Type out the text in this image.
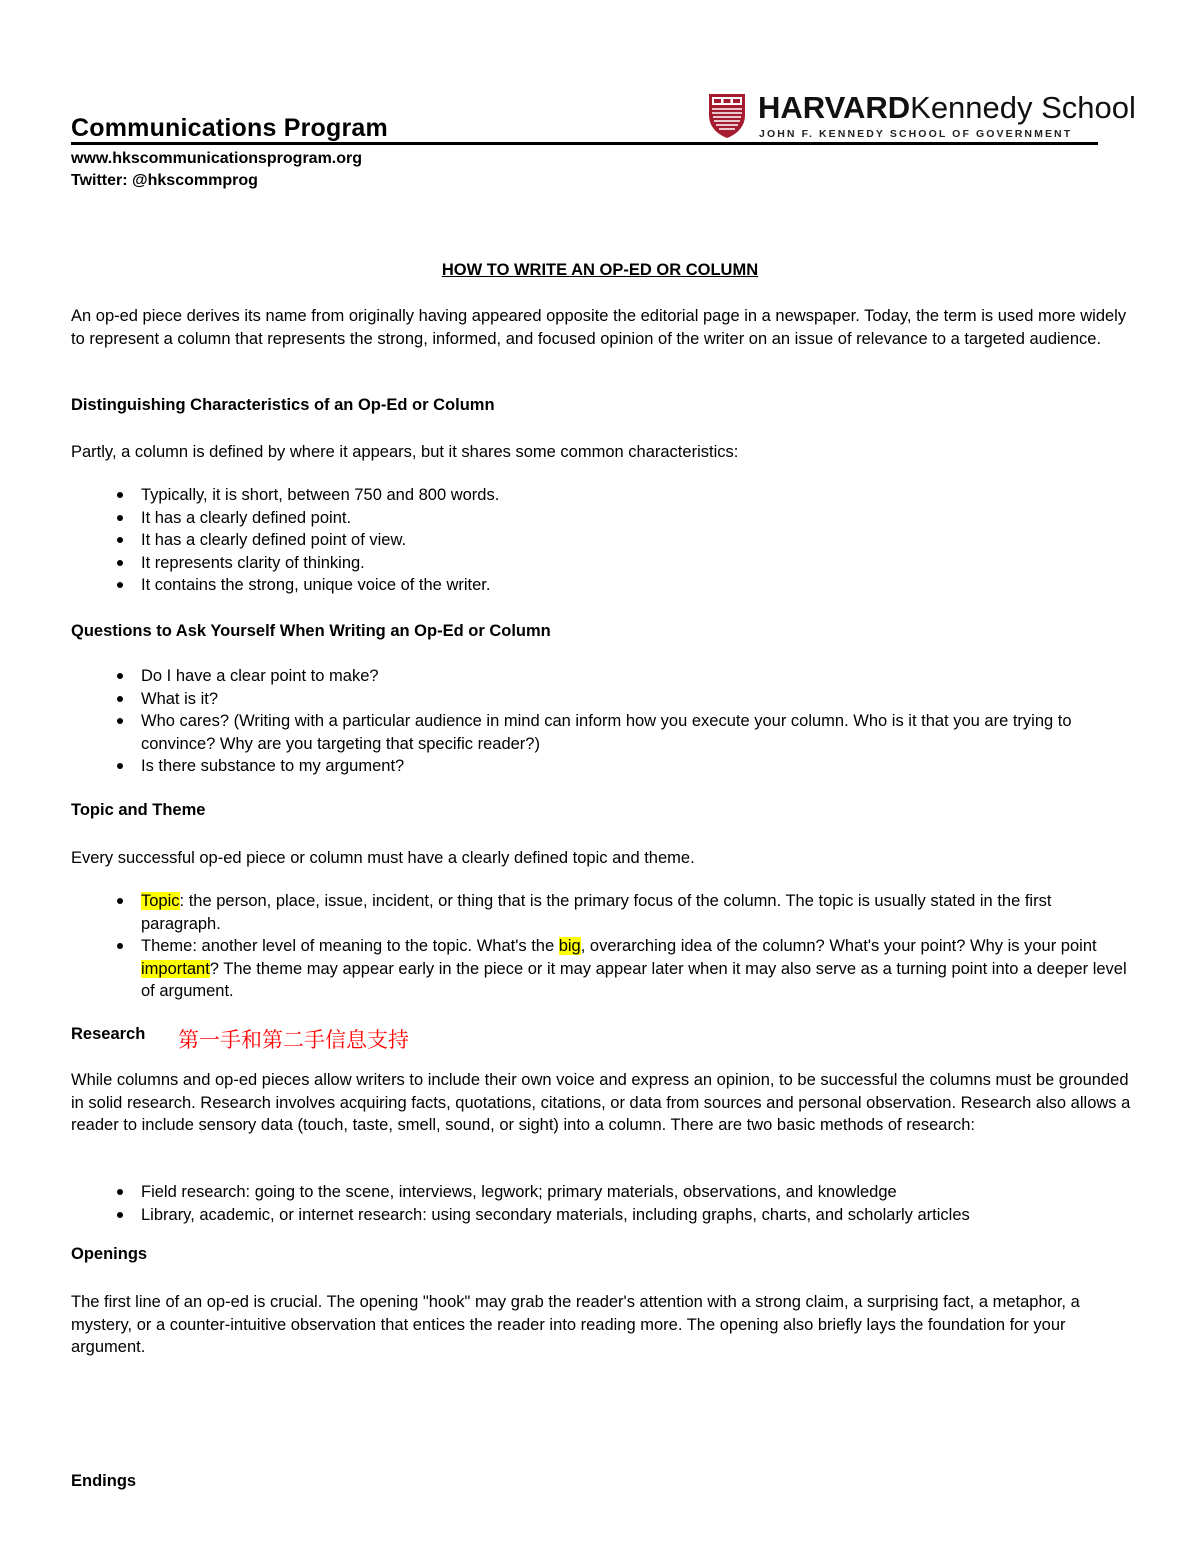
Communications Program
HARVARDKennedy School
JOHN F. KENNEDY SCHOOL OF GOVERNMENT
www.hkscommunicationsprogram.org
Twitter: @hkscommprog
HOW TO WRITE AN OP-ED OR COLUMN
An op-ed piece derives its name from originally having appeared opposite the editorial page in a newspaper. Today, the term is used more widely to represent a column that represents the strong, informed, and focused opinion of the writer on an issue of relevance to a targeted audience.
Distinguishing Characteristics of an Op-Ed or Column
Partly, a column is defined by where it appears, but it shares some common characteristics:
Typically, it is short, between 750 and 800 words.
It has a clearly defined point.
It has a clearly defined point of view.
It represents clarity of thinking.
It contains the strong, unique voice of the writer.
Questions to Ask Yourself When Writing an Op-Ed or Column
Do I have a clear point to make?
What is it?
Who cares? (Writing with a particular audience in mind can inform how you execute your column. Who is it that you are trying to convince? Why are you targeting that specific reader?)
Is there substance to my argument?
Topic and Theme
Every successful op-ed piece or column must have a clearly defined topic and theme.
Topic: the person, place, issue, incident, or thing that is the primary focus of the column. The topic is usually stated in the first paragraph.
Theme: another level of meaning to the topic. What's the big, overarching idea of the column? What's your point? Why is your point important? The theme may appear early in the piece or it may appear later when it may also serve as a turning point into a deeper level of argument.
Research 第一手和第二手信息支持
While columns and op-ed pieces allow writers to include their own voice and express an opinion, to be successful the columns must be grounded in solid research. Research involves acquiring facts, quotations, citations, or data from sources and personal observation. Research also allows a reader to include sensory data (touch, taste, smell, sound, or sight) into a column. There are two basic methods of research:
Field research: going to the scene, interviews, legwork; primary materials, observations, and knowledge
Library, academic, or internet research: using secondary materials, including graphs, charts, and scholarly articles
Openings
The first line of an op-ed is crucial. The opening "hook" may grab the reader's attention with a strong claim, a surprising fact, a metaphor, a mystery, or a counter-intuitive observation that entices the reader into reading more. The opening also briefly lays the foundation for your argument.
Endings
